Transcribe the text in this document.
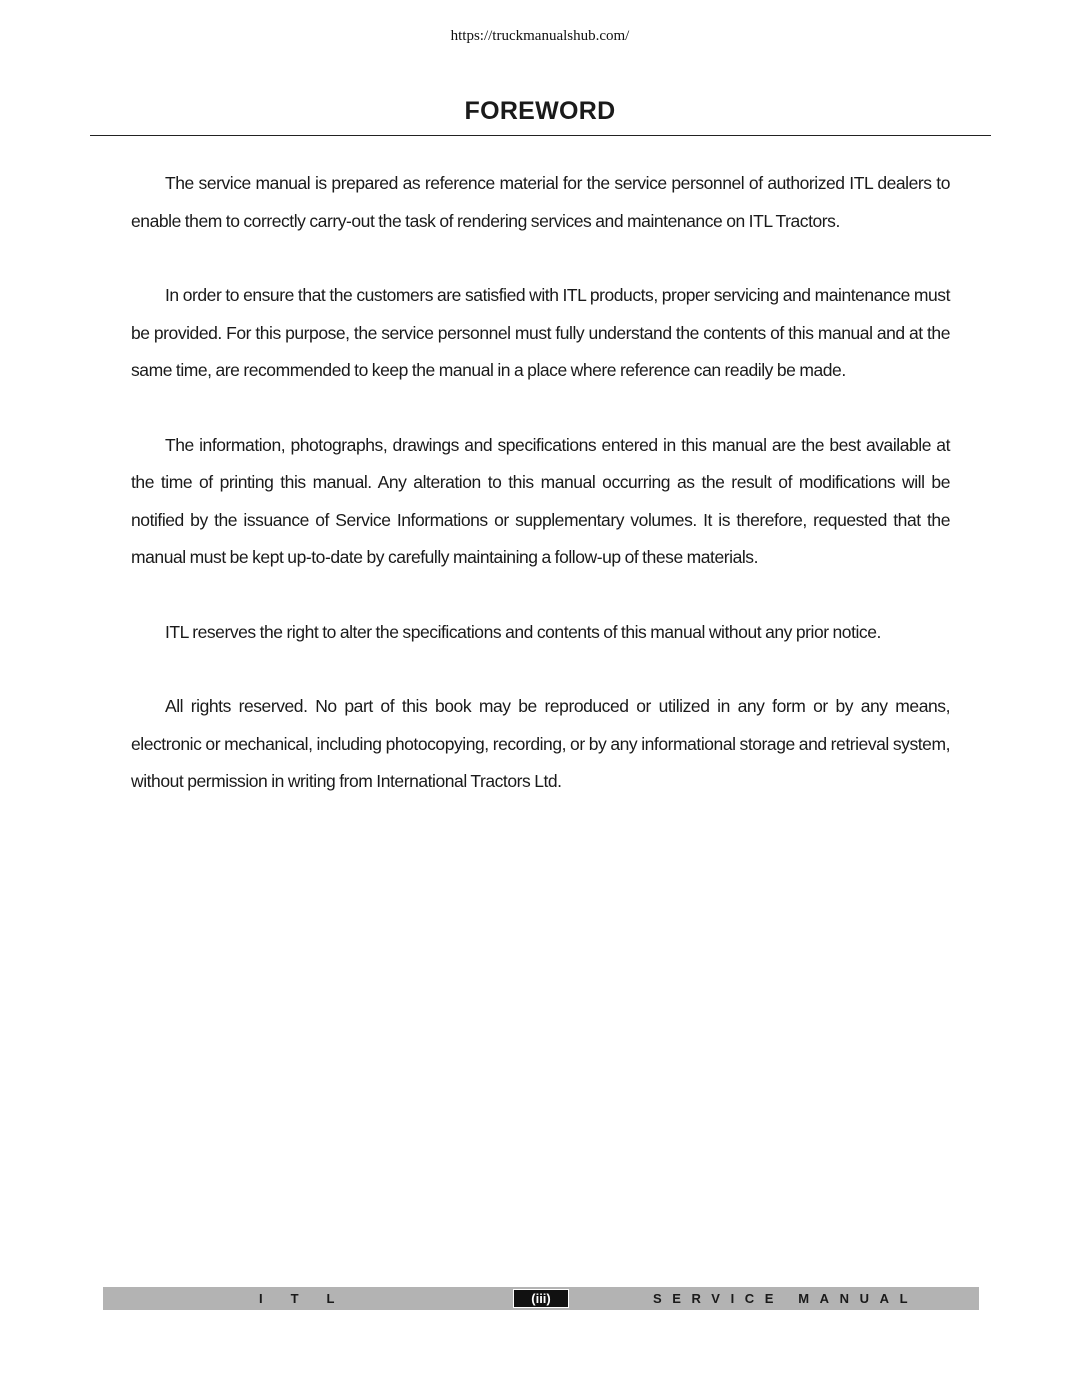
https://truckmanualshub.com/
FOREWORD

The service manual is prepared as reference material for the service personnel of authorized ITL dealers to enable them to correctly carry-out the task of rendering services and maintenance on ITL Tractors.

In order to ensure that the customers are satisfied with ITL products, proper servicing and maintenance must be provided. For this purpose, the service personnel must fully understand the contents of this manual and at the same time, are recommended to keep the manual in a place where reference can readily be made.

The information, photographs, drawings and specifications entered in this manual are the best available at the time of printing this manual. Any alteration to this manual occurring as the result of modifications will be notified by the issuance of Service Informations or supplementary volumes. It is therefore, requested that the manual must be kept up-to-date by carefully maintaining a follow-up of these materials.

ITL reserves the right to alter the specifications and contents of this manual without any prior notice.

All rights reserved. No part of this book may be reproduced or utilized in any form or by any means, electronic or mechanical, including photocopying, recording, or by any informational storage and retrieval system, without permission in writing from International Tractors Ltd.

ITL	(iii)	SERVICE MANUAL
